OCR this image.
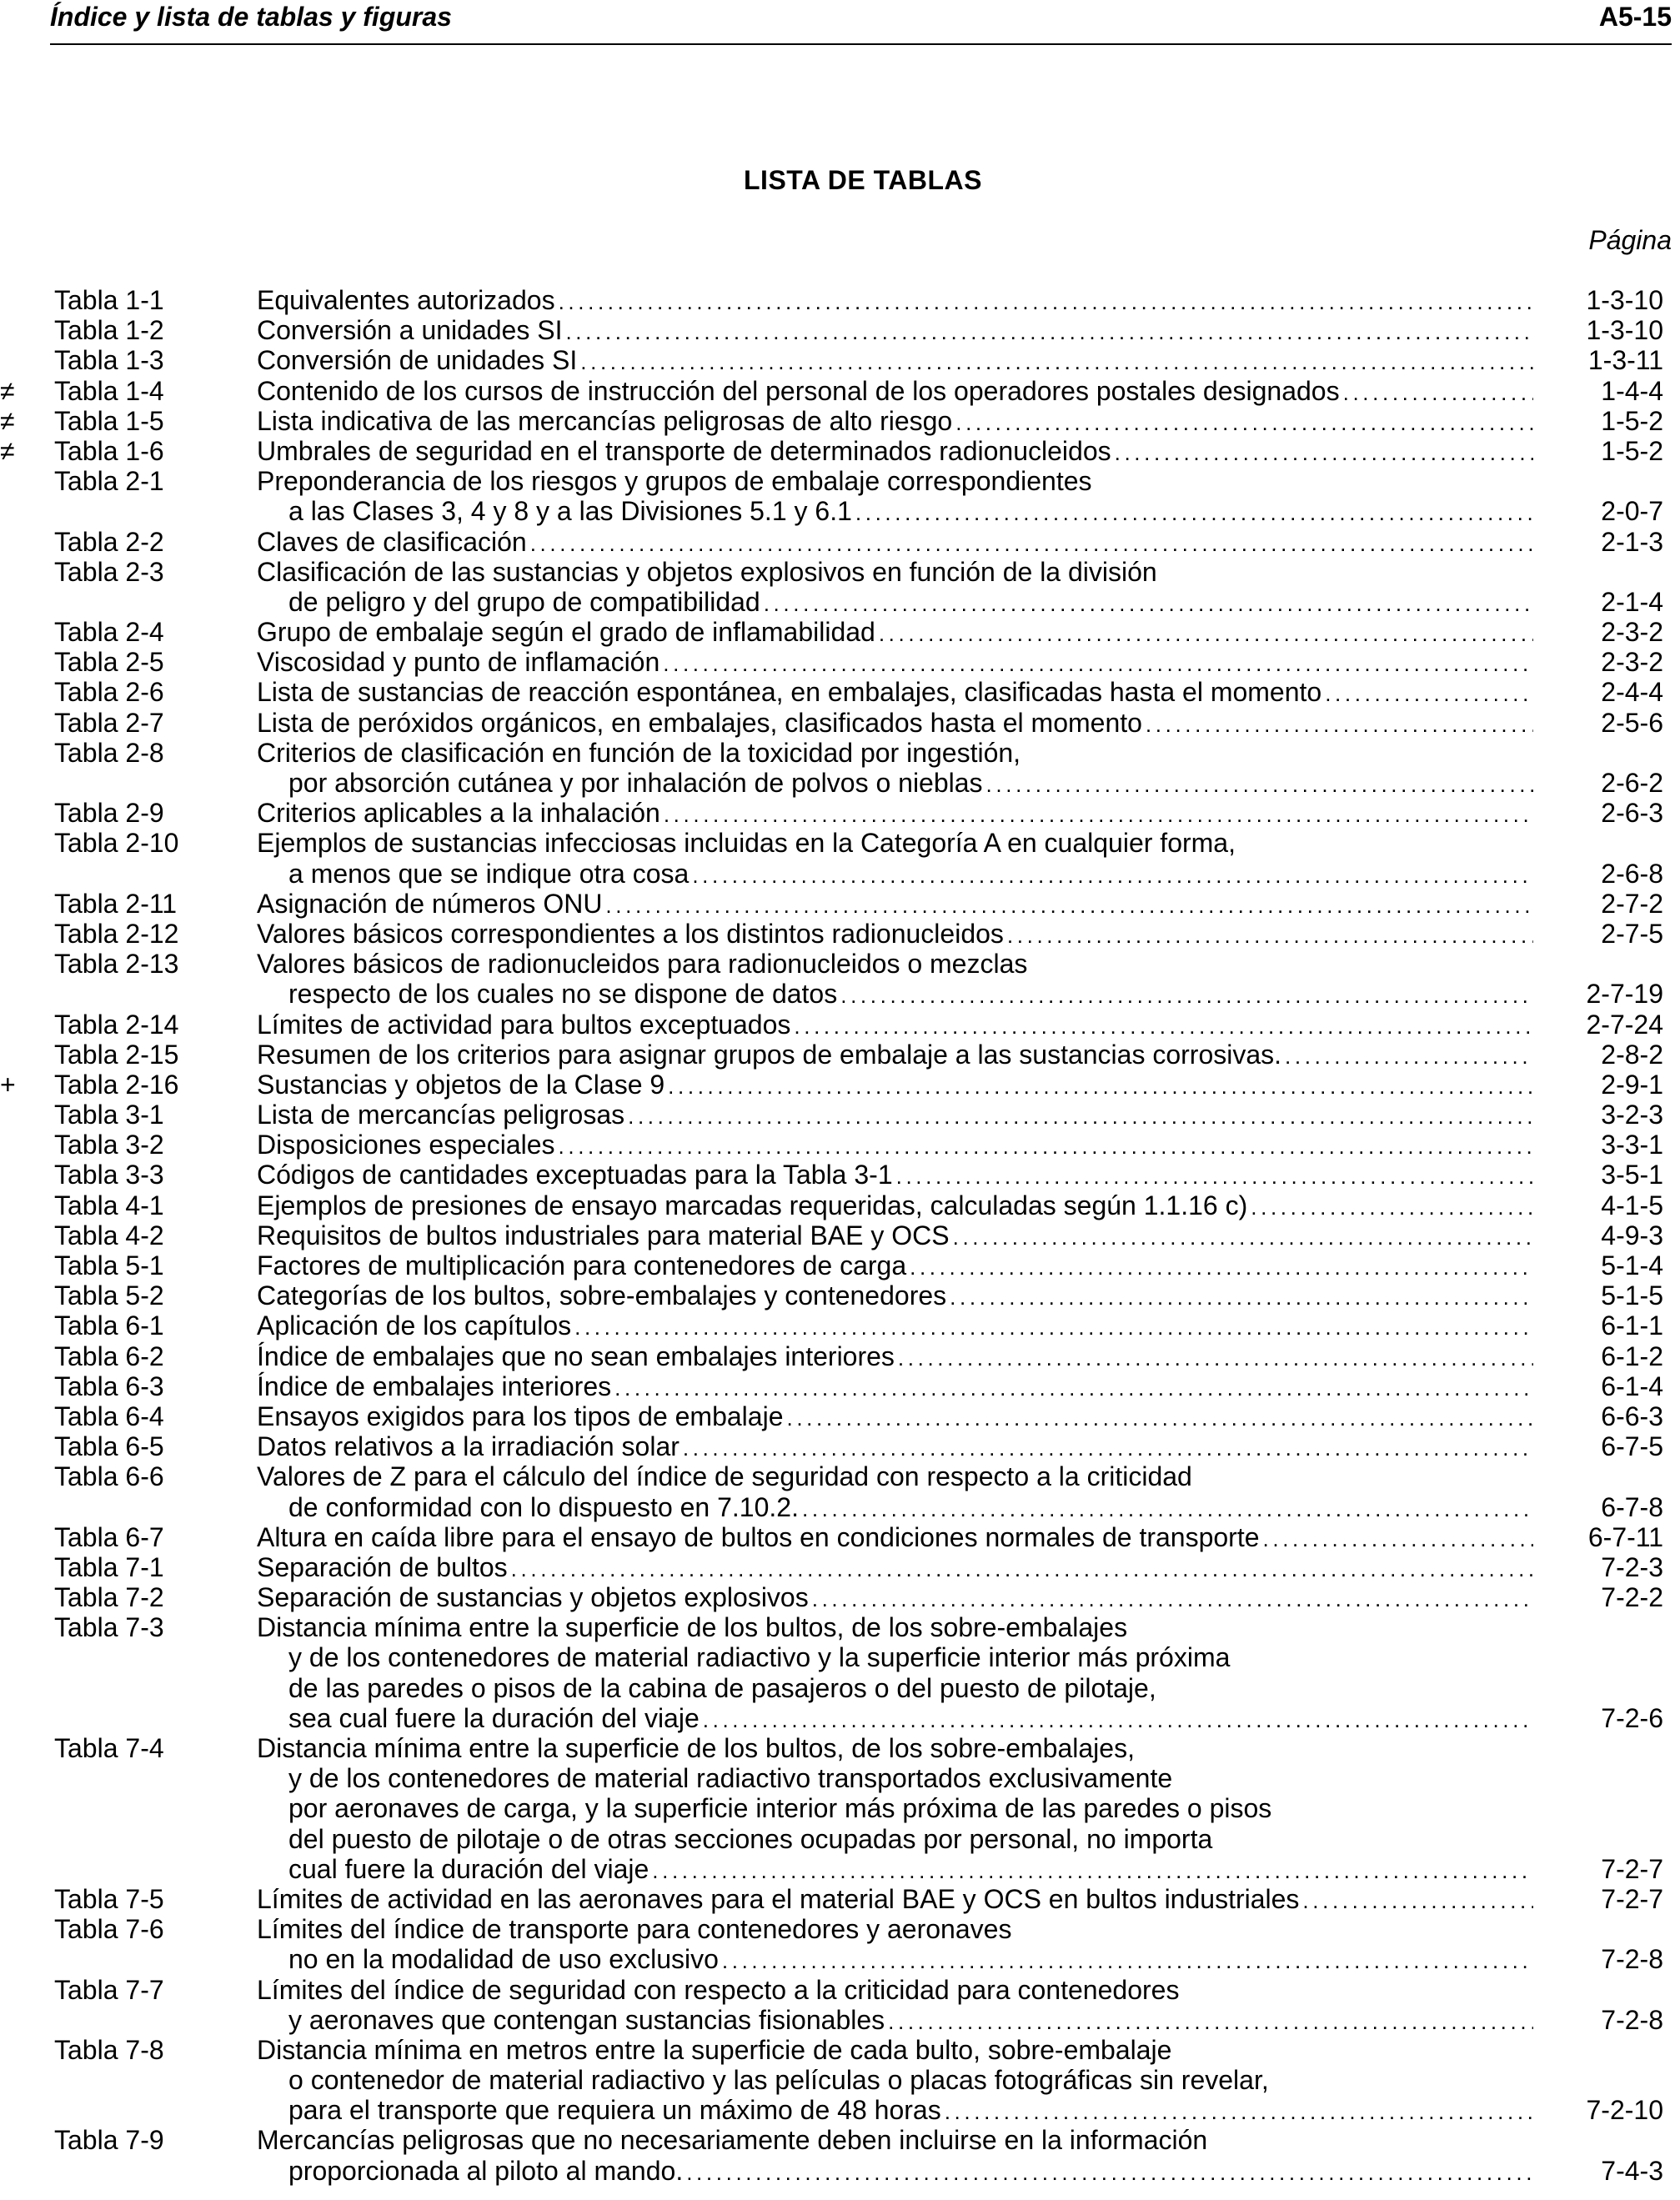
Índice y lista de tablas y figuras	A5-15
LISTA DE TABLAS
Página
Tabla 1-1	Equivalentes autorizados . . .	1-3-10
Tabla 1-2	Conversión a unidades SI . . .	1-3-10
Tabla 1-3	Conversión de unidades SI . . .	1-3-11
≠	Tabla 1-4	Contenido de los cursos de instrucción del personal de los operadores postales designados . . .	1-4-4
≠	Tabla 1-5	Lista indicativa de las mercancías peligrosas de alto riesgo . . .	1-5-2
≠	Tabla 1-6	Umbrales de seguridad en el transporte de determinados radionucleidos . . .	1-5-2
Tabla 2-1	Preponderancia de los riesgos y grupos de embalaje correspondientes
a las Clases 3, 4 y 8 y a las Divisiones 5.1 y 6.1 . . .	2-0-7
Tabla 2-2	Claves de clasificación . . .	2-1-3
Tabla 2-3	Clasificación de las sustancias y objetos explosivos en función de la división
de peligro y del grupo de compatibilidad . . .	2-1-4
Tabla 2-4	Grupo de embalaje según el grado de inflamabilidad . . .	2-3-2
Tabla 2-5	Viscosidad y punto de inflamación . . .	2-3-2
Tabla 2-6	Lista de sustancias de reacción espontánea, en embalajes, clasificadas hasta el momento . . .	2-4-4
Tabla 2-7	Lista de peróxidos orgánicos, en embalajes, clasificados hasta el momento . . .	2-5-6
Tabla 2-8	Criterios de clasificación en función de la toxicidad por ingestión,
por absorción cutánea y por inhalación de polvos o nieblas . . .	2-6-2
Tabla 2-9	Criterios aplicables a la inhalación . . .	2-6-3
Tabla 2-10	Ejemplos de sustancias infecciosas incluidas en la Categoría A en cualquier forma,
a menos que se indique otra cosa . . .	2-6-8
Tabla 2-11	Asignación de números ONU . . .	2-7-2
Tabla 2-12	Valores básicos correspondientes a los distintos radionucleidos . . .	2-7-5
Tabla 2-13	Valores básicos de radionucleidos para radionucleidos o mezclas
respecto de los cuales no se dispone de datos . . .	2-7-19
Tabla 2-14	Límites de actividad para bultos exceptuados . . .	2-7-24
Tabla 2-15	Resumen de los criterios para asignar grupos de embalaje a las sustancias corrosivas. . . .	2-8-2
+	Tabla 2-16	Sustancias y objetos de la Clase 9 . . .	2-9-1
Tabla 3-1	Lista de mercancías peligrosas . . .	3-2-3
Tabla 3-2	Disposiciones especiales . . .	3-3-1
Tabla 3-3	Códigos de cantidades exceptuadas para la Tabla 3-1 . . .	3-5-1
Tabla 4-1	Ejemplos de presiones de ensayo marcadas requeridas, calculadas según 1.1.16 c) . . .	4-1-5
Tabla 4-2	Requisitos de bultos industriales para material BAE y OCS . . .	4-9-3
Tabla 5-1	Factores de multiplicación para contenedores de carga . . .	5-1-4
Tabla 5-2	Categorías de los bultos, sobre-embalajes y contenedores . . .	5-1-5
Tabla 6-1	Aplicación de los capítulos . . .	6-1-1
Tabla 6-2	Índice de embalajes que no sean embalajes interiores . . .	6-1-2
Tabla 6-3	Índice de embalajes interiores . . .	6-1-4
Tabla 6-4	Ensayos exigidos para los tipos de embalaje . . .	6-6-3
Tabla 6-5	Datos relativos a la irradiación solar . . .	6-7-5
Tabla 6-6	Valores de Z para el cálculo del índice de seguridad con respecto a la criticidad
de conformidad con lo dispuesto en 7.10.2. . . .	6-7-8
Tabla 6-7	Altura en caída libre para el ensayo de bultos en condiciones normales de transporte . . .	6-7-11
Tabla 7-1	Separación de bultos . . .	7-2-3
Tabla 7-2	Separación de sustancias y objetos explosivos . . .	7-2-2
Tabla 7-3	Distancia mínima entre la superficie de los bultos, de los sobre-embalajes
y de los contenedores de material radiactivo y la superficie interior más próxima
de las paredes o pisos de la cabina de pasajeros o del puesto de pilotaje,
sea cual fuere la duración del viaje . . .	7-2-6
Tabla 7-4	Distancia mínima entre la superficie de los bultos, de los sobre-embalajes,
y de los contenedores de material radiactivo transportados exclusivamente
por aeronaves de carga, y la superficie interior más próxima de las paredes o pisos
del puesto de pilotaje o de otras secciones ocupadas por personal, no importa
cual fuere la duración del viaje . . .	7-2-7
Tabla 7-5	Límites de actividad en las aeronaves para el material BAE y OCS en bultos industriales . . .	7-2-7
Tabla 7-6	Límites del índice de transporte para contenedores y aeronaves
no en la modalidad de uso exclusivo . . .	7-2-8
Tabla 7-7	Límites del índice de seguridad con respecto a la criticidad para contenedores
y aeronaves que contengan sustancias fisionables . . .	7-2-8
Tabla 7-8	Distancia mínima en metros entre la superficie de cada bulto, sobre-embalaje
o contenedor de material radiactivo y las películas o placas fotográficas sin revelar,
para el transporte que requiera un máximo de 48 horas . . .	7-2-10
Tabla 7-9	Mercancías peligrosas que no necesariamente deben incluirse en la información
proporcionada al piloto al mando. . . .	7-4-3
